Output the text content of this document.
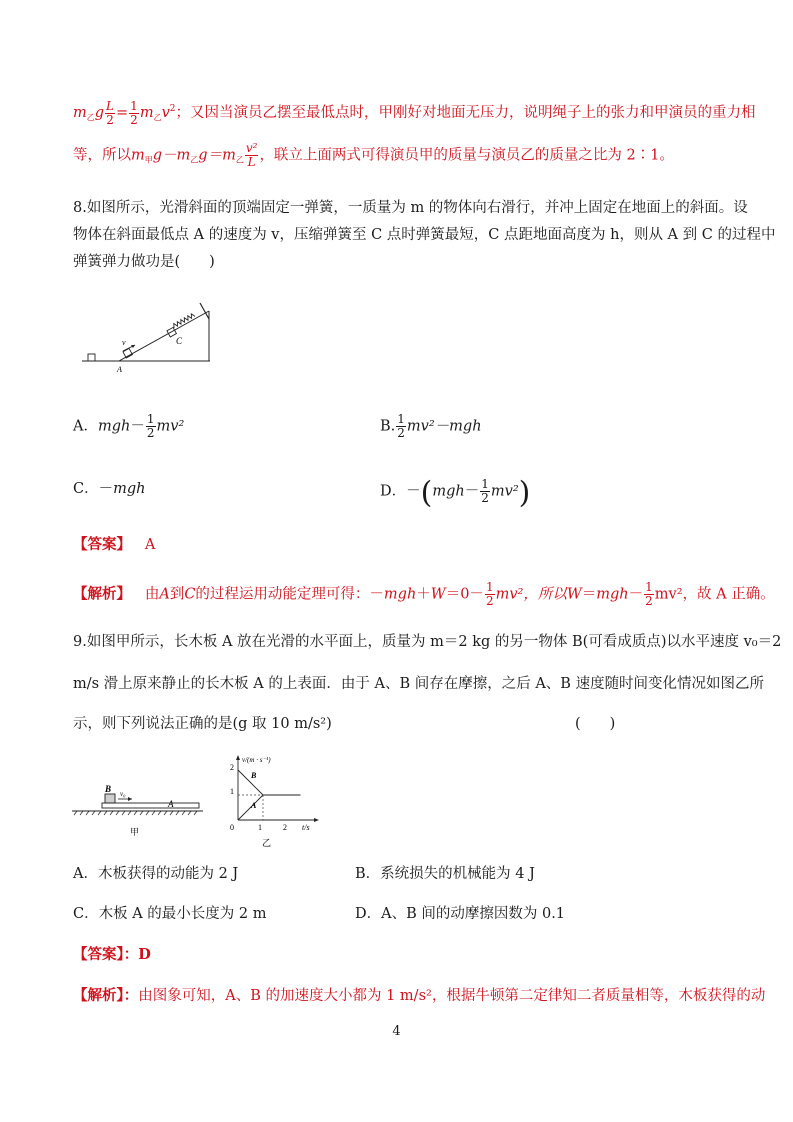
$m_乙g \frac{L}{2} = \frac{1}{2} m_乙v^2$；又因当演员乙摆至最低点时，甲刚好对地面无压力，说明绳子上的张力和甲演员的重力相
等，所以$m_甲g-m_乙g=m_乙 \frac{\text{v²}}{L}$ ，联立上面两式可得演员甲的质量与演员乙的质量之比为 2∶1。
8.如图所示，光滑斜面的顶端固定一弹簧，一质量为 m 的物体向右滑行，并冲上固定在地面上的斜面。设
物体在斜面最低点 A 的速度为 v，压缩弹簧至 C 点时弹簧最短，C 点距地面高度为 h，则从 A 到 C 的过程中
弹簧弹力做功是(　　)
v	C
A
A．$mgh- \frac{1}{2} mv^2$	B. $\frac{1}{2} mv^2-mgh$
C．－mgh	D．$-(mgh- \frac{1}{2} mv^2)$
【答案】 A
【解析】 由A到C的过程运用动能定理可得：$-mgh+W=0- \frac{1}{2} mv^2$，所以$W=mgh- \frac{1}{2} mv^2$，故 A 正确。
9.如图甲所示，长木板 A 放在光滑的水平面上，质量为 m＝2 kg 的另一物体 B(可看成质点)以水平速度 v₀＝2
m/s 滑上原来静止的长木板 A 的上表面．由于 A、B 间存在摩擦，之后 A、B 速度随时间变化情况如图乙所
示，则下列说法正确的是(g 取 10 m/s²)	(　　)
B v₀
A
甲
v/(m · s⁻¹)
t/s
2
1
0	1	2
B
A
乙
A．木板获得的动能为 2 J	B．系统损失的机械能为 4 J
C．木板 A 的最小长度为 2 m	D．A、B 间的动摩擦因数为 0.1
【答案】：D
【解析】：由图象可知，A、B 的加速度大小都为 1 m/s²，根据牛顿第二定律知二者质量相等，木板获得的动
4
